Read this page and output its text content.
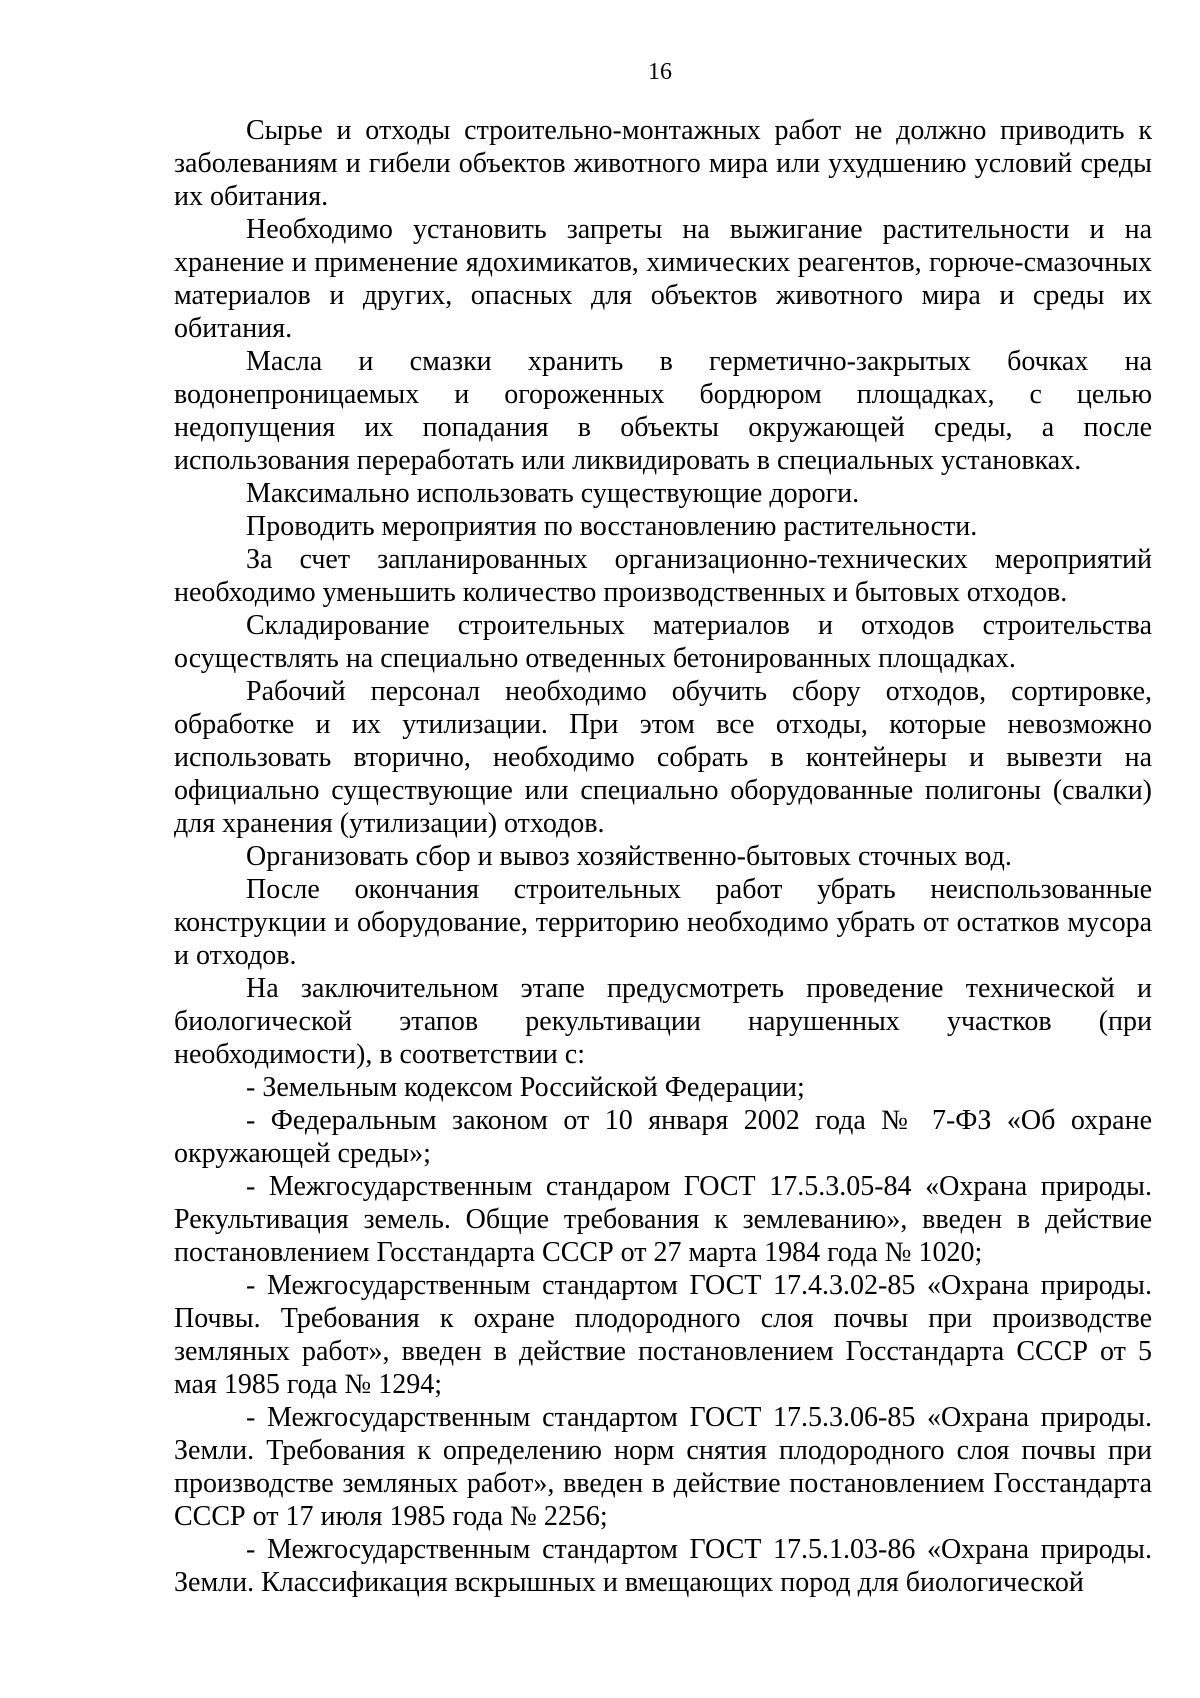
16

Сырье и отходы строительно-монтажных работ не должно приводить к заболеваниям и гибели объектов животного мира или ухудшению условий среды их обитания.

Необходимо установить запреты на выжигание растительности и на хранение и применение ядохимикатов, химических реагентов, горюче-смазочных материалов и других, опасных для объектов животного мира и среды их обитания.

Масла и смазки хранить в герметично-закрытых бочках на водонепроницаемых и огороженных бордюром площадках, с целью недопущения их попадания в объекты окружающей среды, а после использования переработать или ликвидировать в специальных установках.

Максимально использовать существующие дороги.

Проводить мероприятия по восстановлению растительности.

За счет запланированных организационно-технических мероприятий необходимо уменьшить количество производственных и бытовых отходов.

Складирование строительных материалов и отходов строительства осуществлять на специально отведенных бетонированных площадках.

Рабочий персонал необходимо обучить сбору отходов, сортировке, обработке и их утилизации. При этом все отходы, которые невозможно использовать вторично, необходимо собрать в контейнеры и вывезти на официально существующие или специально оборудованные полигоны (свалки) для хранения (утилизации) отходов.

Организовать сбор и вывоз хозяйственно-бытовых сточных вод.

После окончания строительных работ убрать неиспользованные конструкции и оборудование, территорию необходимо убрать от остатков мусора и отходов.

На заключительном этапе предусмотреть проведение технической и биологической этапов рекультивации нарушенных участков (при необходимости), в соответствии с:

- Земельным кодексом Российской Федерации;

- Федеральным законом от 10 января 2002 года № 7-ФЗ «Об охране окружающей среды»;

- Межгосударственным стандаром ГОСТ 17.5.3.05-84 «Охрана природы. Рекультивация земель. Общие требования к землеванию», введен в действие постановлением Госстандарта СССР от 27 марта 1984 года № 1020;

- Межгосударственным стандартом ГОСТ 17.4.3.02-85 «Охрана природы. Почвы. Требования к охране плодородного слоя почвы при производстве земляных работ», введен в действие постановлением Госстандарта СССР от 5 мая 1985 года № 1294;

- Межгосударственным стандартом ГОСТ 17.5.3.06-85 «Охрана природы. Земли. Требования к определению норм снятия плодородного слоя почвы при производстве земляных работ», введен в действие постановлением Госстандарта СССР от 17 июля 1985 года № 2256;

- Межгосударственным стандартом ГОСТ 17.5.1.03-86 «Охрана природы. Земли. Классификация вскрышных и вмещающих пород для биологической
